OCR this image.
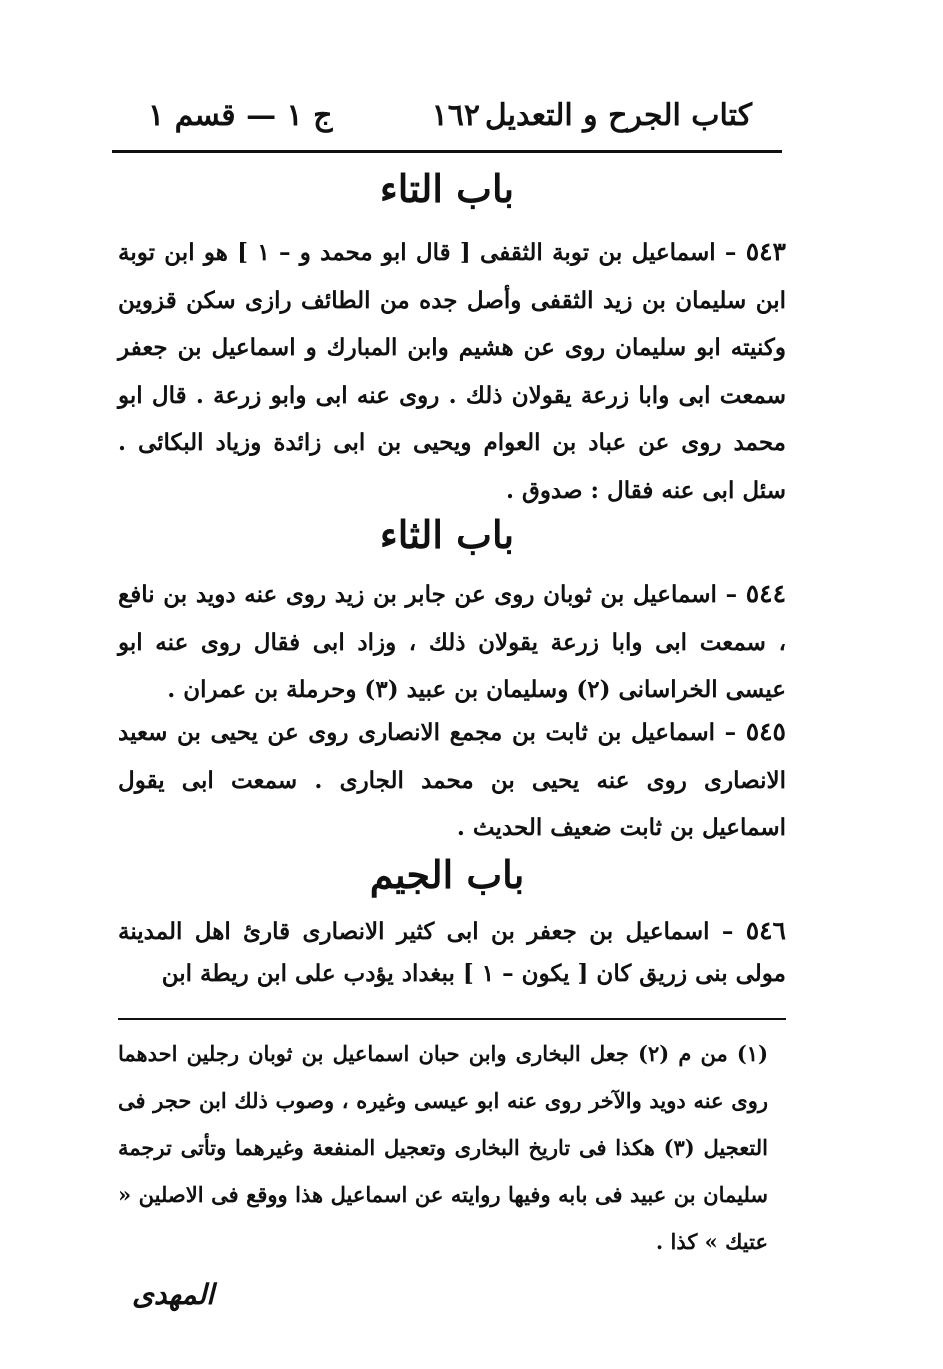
كتاب الجرح و التعديل
١٦٢
ج ١ — قسم ١
باب التاء
٥٤٣ – اسماعيل بن توبة الثقفى [ قال ابو محمد و – ١ ] هو ابن توبة ابن سليمان بن زيد الثقفى وأصل جده من الطائف رازى سكن قزوين وكنيته ابو سليمان روى عن هشيم وابن المبارك و اسماعيل بن جعفر سمعت ابى وابا زرعة يقولان ذلك . روى عنه ابى وابو زرعة . قال ابو محمد روى عن عباد بن العوام ويحيى بن ابى زائدة وزياد البكائى . سئل ابى عنه فقال : صدوق .
باب الثاء
٥٤٤ – اسماعيل بن ثوبان روى عن جابر بن زيد روى عنه دويد بن نافع ، سمعت ابى وابا زرعة يقولان ذلك ، وزاد ابى فقال روى عنه ابو عيسى الخراسانى (٢) وسليمان بن عبيد (٣) وحرملة بن عمران .
٥٤٥ – اسماعيل بن ثابت بن مجمع الانصارى روى عن يحيى بن سعيد الانصارى روى عنه يحيى بن محمد الجارى . سمعت ابى يقول اسماعيل بن ثابت ضعيف الحديث .
باب الجيم
٥٤٦ – اسماعيل بن جعفر بن ابى كثير الانصارى قارئ اهل المدينة مولى بنى زريق كان [ يكون – ١ ] ببغداد يؤدب على ابن ريطة ابن
(١) من م (٢) جعل البخارى وابن حبان اسماعيل بن ثوبان رجلين احدهما روى عنه دويد والآخر روى عنه ابو عيسى وغيره ، وصوب ذلك ابن حجر فى التعجيل (٣) هكذا فى تاريخ البخارى وتعجيل المنفعة وغيرهما وتأتى ترجمة سليمان بن عبيد فى بابه وفيها روايته عن اسماعيل هذا ووقع فى الاصلين « عتيك » كذا .
المهدى
